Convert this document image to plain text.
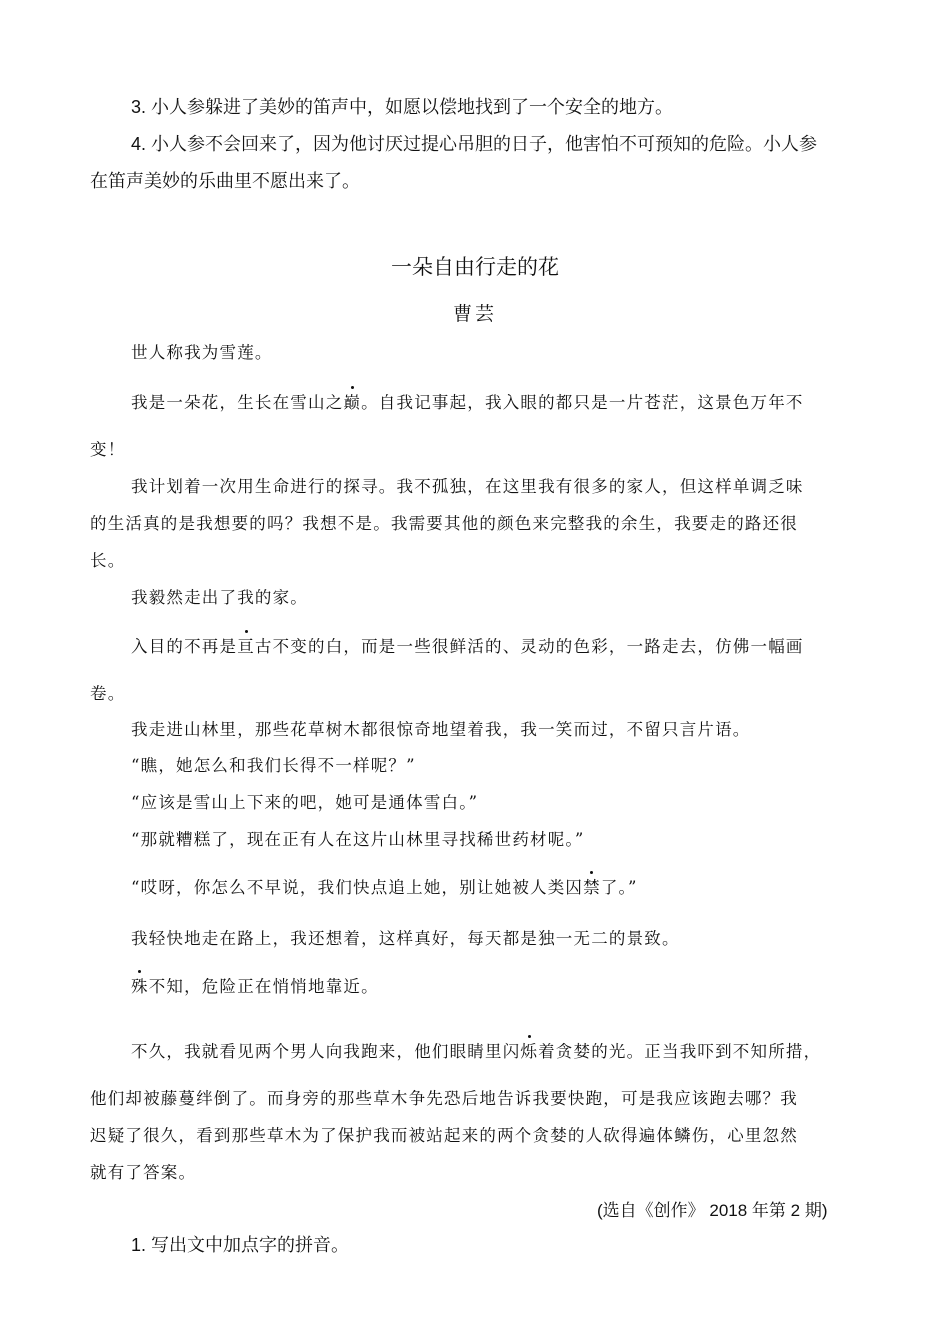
3. 小人参躲进了美妙的笛声中，如愿以偿地找到了一个安全的地方。
4. 小人参不会回来了，因为他讨厌过提心吊胆的日子，他害怕不可预知的危险。小人参
在笛声美妙的乐曲里不愿出来了。
一朵自由行走的花
曹芸
世人称我为雪莲。
我是一朵花，生长在雪山之巅。自我记事起，我入眼的都只是一片苍茫，这景色万年不
变！
我计划着一次用生命进行的探寻。我不孤独，在这里我有很多的家人，但这样单调乏味
的生活真的是我想要的吗？我想不是。我需要其他的颜色来完整我的余生，我要走的路还很
长。
我毅然走出了我的家。
入目的不再是亘古不变的白，而是一些很鲜活的、灵动的色彩，一路走去，仿佛一幅画
卷。
我走进山林里，那些花草树木都很惊奇地望着我，我一笑而过，不留只言片语。
“瞧，她怎么和我们长得不一样呢？”
“应该是雪山上下来的吧，她可是通体雪白。”
“那就糟糕了，现在正有人在这片山林里寻找稀世药材呢。”
“哎呀，你怎么不早说，我们快点追上她，别让她被人类囚禁了。”
我轻快地走在路上，我还想着，这样真好，每天都是独一无二的景致。
殊不知，危险正在悄悄地靠近。
不久，我就看见两个男人向我跑来，他们眼睛里闪烁着贪婪的光。正当我吓到不知所措，
他们却被藤蔓绊倒了。而身旁的那些草木争先恐后地告诉我要快跑，可是我应该跑去哪？我
迟疑了很久，看到那些草木为了保护我而被站起来的两个贪婪的人砍得遍体鳞伤，心里忽然
就有了答案。
(选自《创作》 2018 年第 2 期)
1. 写出文中加点字的拼音。
